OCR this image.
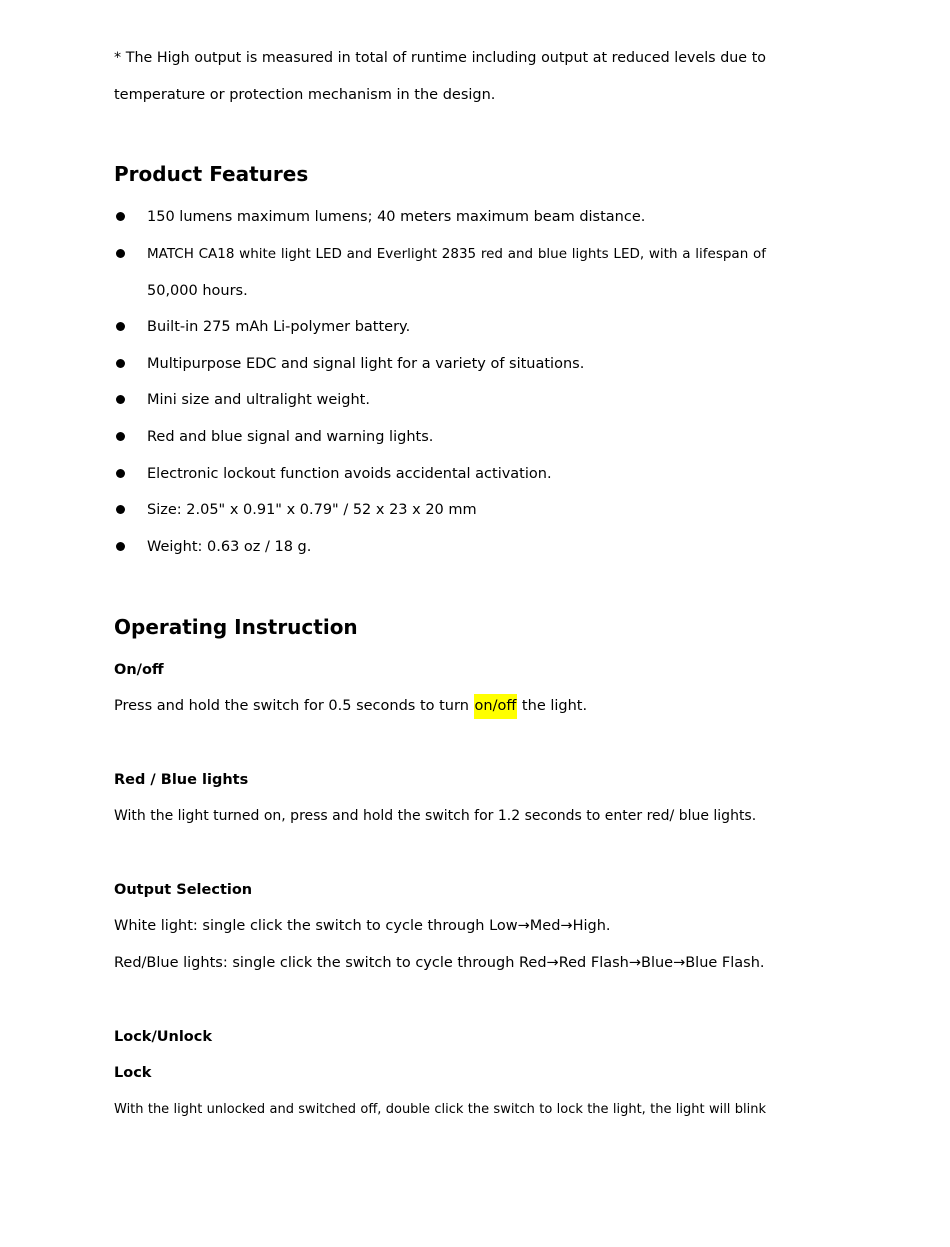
* The High output is measured in total of runtime including output at reduced levels due to
temperature or protection mechanism in the design.
Product Features
150 lumens maximum lumens; 40 meters maximum beam distance.
MATCH CA18 white light LED and Everlight 2835 red and blue lights LED, with a lifespan of
50,000 hours.
Built-in 275 mAh Li-polymer battery.
Multipurpose EDC and signal light for a variety of situations.
Mini size and ultralight weight.
Red and blue signal and warning lights.
Electronic lockout function avoids accidental activation.
Size: 2.05" x 0.91" x 0.79" / 52 x 23 x 20 mm
Weight: 0.63 oz / 18 g.
Operating Instruction
On/off
Press and hold the switch for 0.5 seconds to turn on/off the light.
Red / Blue lights
With the light turned on, press and hold the switch for 1.2 seconds to enter red/ blue lights.
Output Selection
White light: single click the switch to cycle through Low→Med→High.
Red/Blue lights: single click the switch to cycle through Red→Red Flash→Blue→Blue Flash.
Lock/Unlock
Lock
With the light unlocked and switched off, double click the switch to lock the light, the light will blink
